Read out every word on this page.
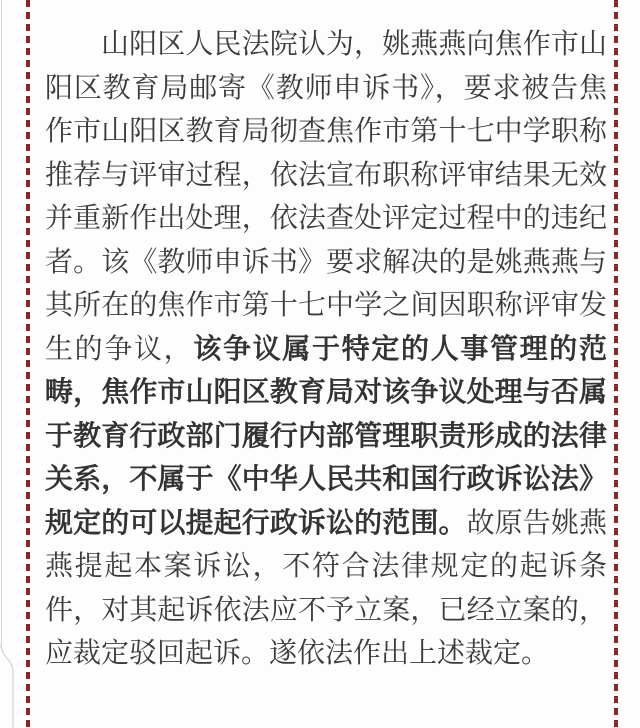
山阳区人民法院认为，姚燕燕向焦作市山阳区教育局邮寄《教师申诉书》，要求被告焦作市山阳区教育局彻查焦作市第十七中学职称推荐与评审过程，依法宣布职称评审结果无效并重新作出处理，依法查处评定过程中的违纪者。该《教师申诉书》要求解决的是姚燕燕与其所在的焦作市第十七中学之间因职称评审发生的争议，该争议属于特定的人事管理的范畴，焦作市山阳区教育局对该争议处理与否属于教育行政部门履行内部管理职责形成的法律关系，不属于《中华人民共和国行政诉讼法》规定的可以提起行政诉讼的范围。故原告姚燕燕提起本案诉讼，不符合法律规定的起诉条件，对其起诉依法应不予立案，已经立案的，应裁定驳回起诉。遂依法作出上述裁定。
